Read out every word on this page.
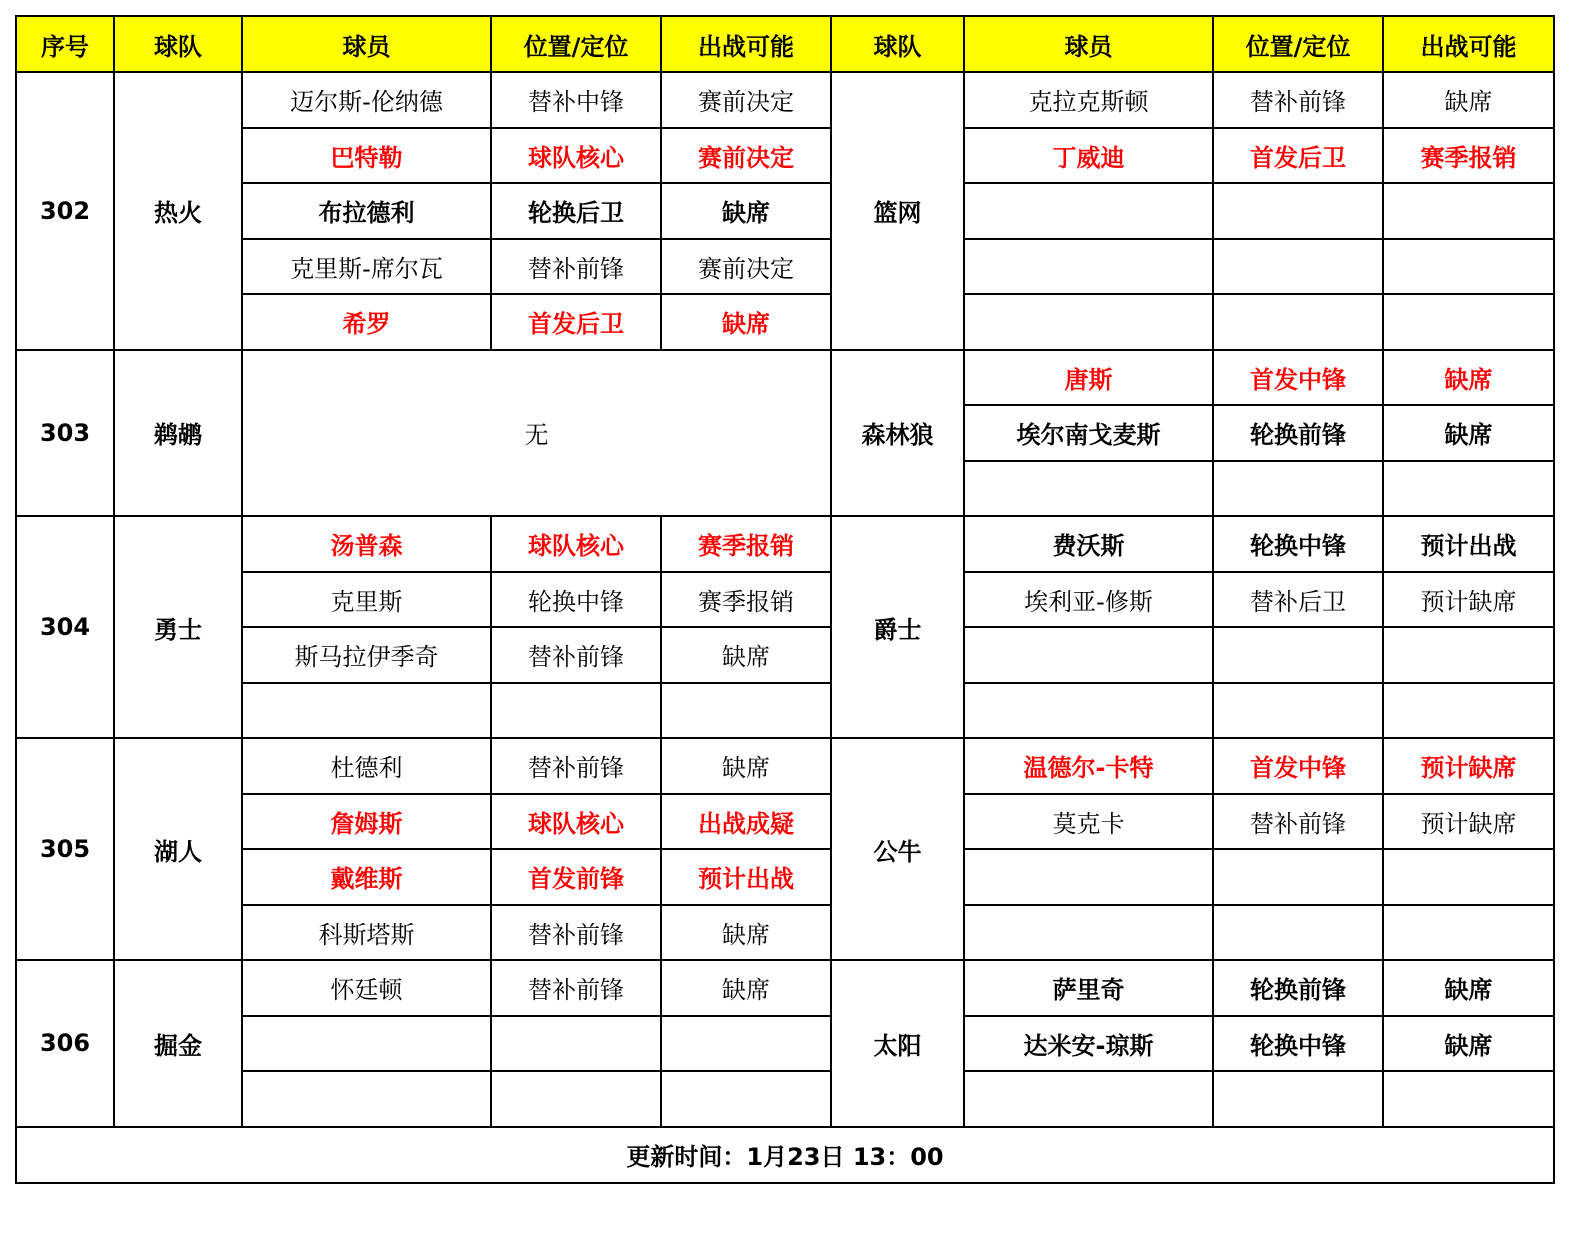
序号	球队	球员	位置/定位	出战可能	球队	球员	位置/定位	出战可能
302	热火	迈尔斯-伦纳德	替补中锋	赛前决定	篮网	克拉克斯顿	替补前锋	缺席
		巴特勒	球队核心	赛前决定		丁威迪	首发后卫	赛季报销
		布拉德利	轮换后卫	缺席				
		克里斯-席尔瓦	替补前锋	赛前决定				
		希罗	首发后卫	缺席				
303	鹈鹕	无			森林狼	唐斯	首发中锋	缺席
						埃尔南戈麦斯	轮换前锋	缺席

304	勇士	汤普森	球队核心	赛季报销	爵士	费沃斯	轮换中锋	预计出战
		克里斯	轮换中锋	赛季报销		埃利亚-修斯	替补后卫	预计缺席
		斯马拉伊季奇	替补前锋	缺席				

305	湖人	杜德利	替补前锋	缺席	公牛	温德尔-卡特	首发中锋	预计缺席
		詹姆斯	球队核心	出战成疑		莫克卡	替补前锋	预计缺席
		戴维斯	首发前锋	预计出战				
		科斯塔斯	替补前锋	缺席				
306	掘金	怀廷顿	替补前锋	缺席	太阳	萨里奇	轮换前锋	缺席
						达米安-琼斯	轮换中锋	缺席

更新时间：1月23日 13：00								
